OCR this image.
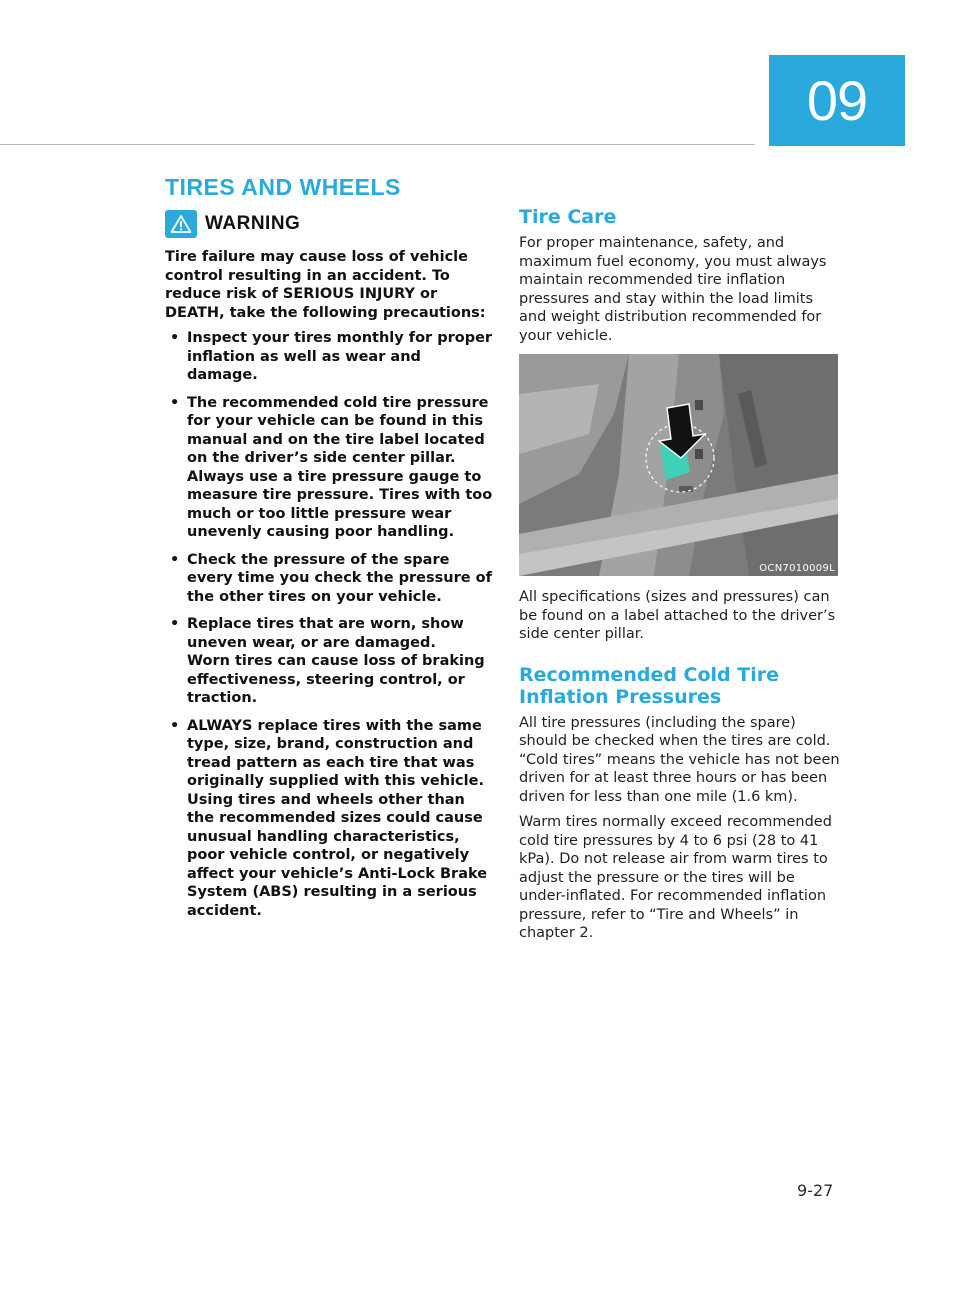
09
TIRES AND WHEELS
WARNING

Tire failure may cause loss of vehicle control resulting in an accident. To reduce risk of SERIOUS INJURY or DEATH, take the following precautions:

• Inspect your tires monthly for proper inflation as well as wear and damage.
• The recommended cold tire pressure for your vehicle can be found in this manual and on the tire label located on the driver’s side center pillar. Always use a tire pressure gauge to measure tire pressure. Tires with too much or too little pressure wear unevenly causing poor handling.
• Check the pressure of the spare every time you check the pressure of the other tires on your vehicle.
• Replace tires that are worn, show uneven wear, or are damaged.
Worn tires can cause loss of braking effectiveness, steering control, or traction.
• ALWAYS replace tires with the same type, size, brand, construction and tread pattern as each tire that was originally supplied with this vehicle. Using tires and wheels other than the recommended sizes could cause unusual handling characteristics, poor vehicle control, or negatively affect your vehicle’s Anti-Lock Brake System (ABS) resulting in a serious accident.
Tire Care

For proper maintenance, safety, and maximum fuel economy, you must always maintain recommended tire inflation pressures and stay within the load limits and weight distribution recommended for your vehicle.

OCN7010009L

All specifications (sizes and pressures) can be found on a label attached to the driver’s side center pillar.

Recommended Cold Tire
Inflation Pressures

All tire pressures (including the spare) should be checked when the tires are cold. “Cold tires” means the vehicle has not been driven for at least three hours or has been driven for less than one mile (1.6 km).

Warm tires normally exceed recommended cold tire pressures by 4 to 6 psi (28 to 41 kPa). Do not release air from warm tires to adjust the pressure or the tires will be under-inflated. For recommended inflation pressure, refer to “Tire and Wheels” in chapter 2.

9-27
